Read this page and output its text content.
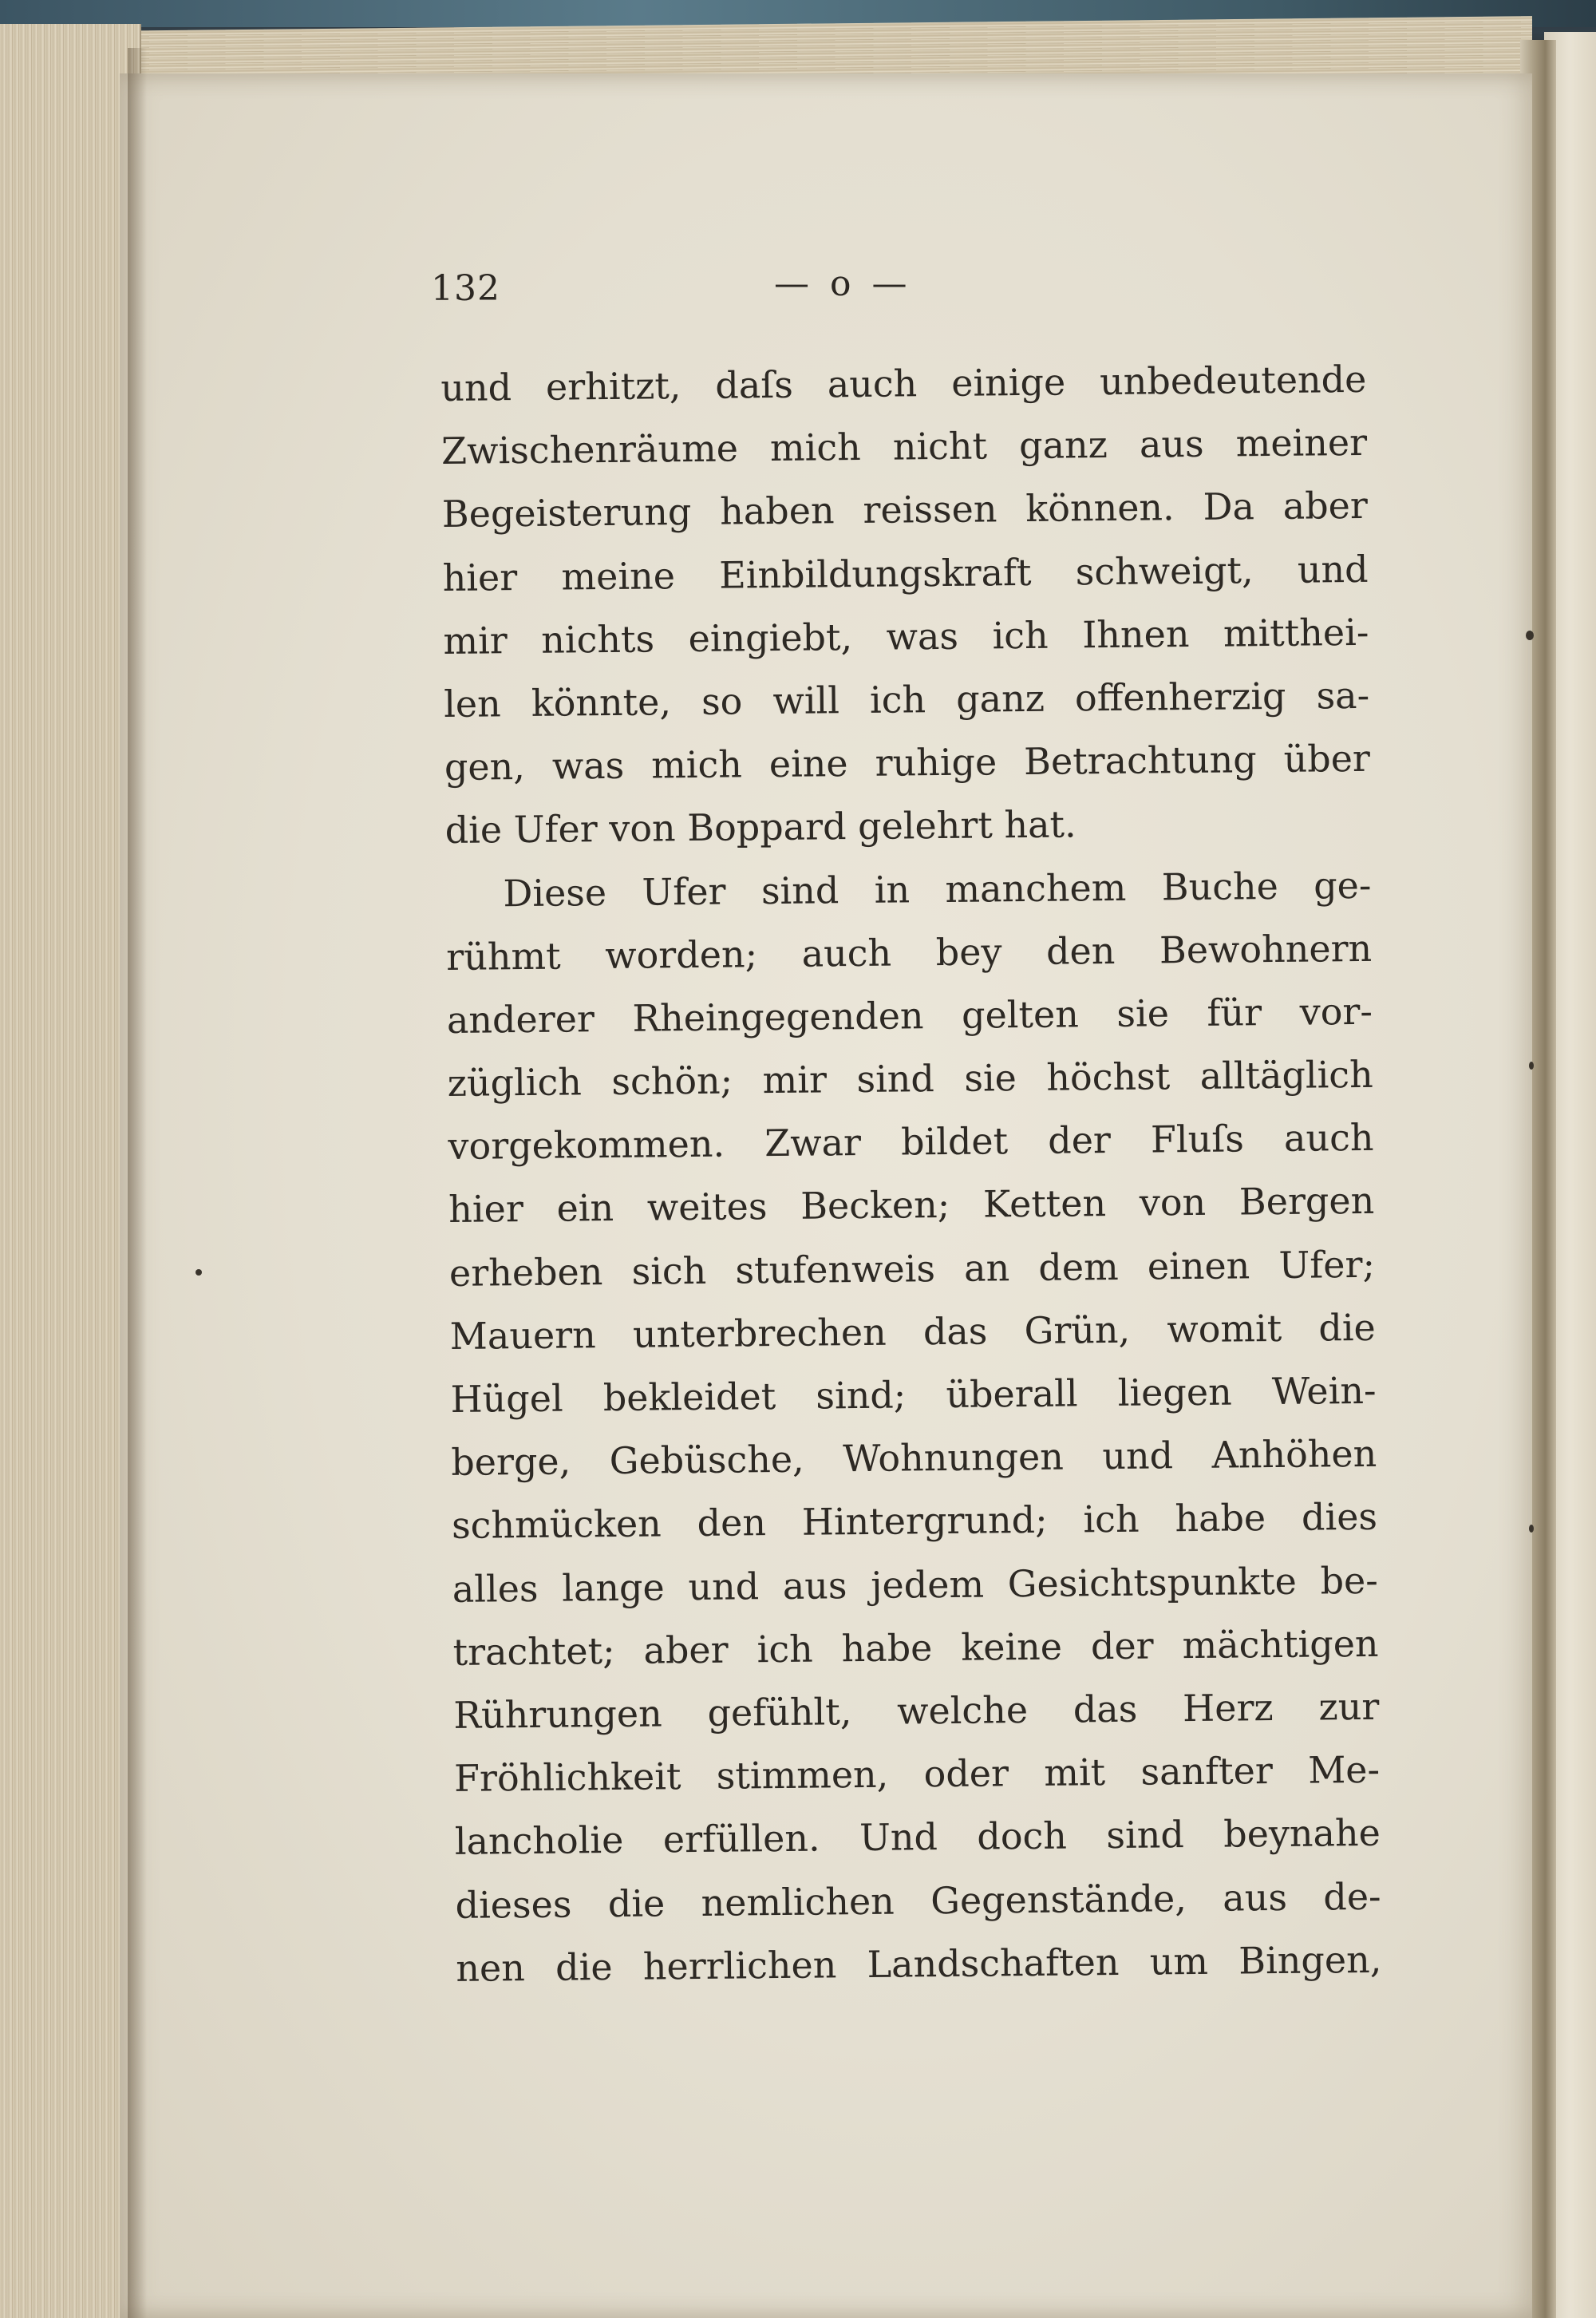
132	— o —
und erhitzt, daſs auch einige unbedeutende
Zwischenräume mich nicht ganz aus meiner
Begeisterung haben reissen können. Da aber
hier meine Einbildungskraft schweigt, und
mir nichts eingiebt, was ich Ihnen mitthei-
len könnte, so will ich ganz offenherzig sa-
gen, was mich eine ruhige Betrachtung über
die Ufer von Boppard gelehrt hat.
Diese Ufer sind in manchem Buche ge-
rühmt worden; auch bey den Bewohnern
anderer Rheingegenden gelten sie für vor-
züglich schön; mir sind sie höchst alltäglich
vorgekommen. Zwar bildet der Fluſs auch
hier ein weites Becken; Ketten von Bergen
erheben sich stufenweis an dem einen Ufer;
Mauern unterbrechen das Grün, womit die
Hügel bekleidet sind; überall liegen Wein-
berge, Gebüsche, Wohnungen und Anhöhen
schmücken den Hintergrund; ich habe dies
alles lange und aus jedem Gesichtspunkte be-
trachtet; aber ich habe keine der mächtigen
Rührungen gefühlt, welche das Herz zur
Fröhlichkeit stimmen, oder mit sanfter Me-
lancholie erfüllen. Und doch sind beynahe
dieses die nemlichen Gegenstände, aus de-
nen die herrlichen Landschaften um Bingen,
